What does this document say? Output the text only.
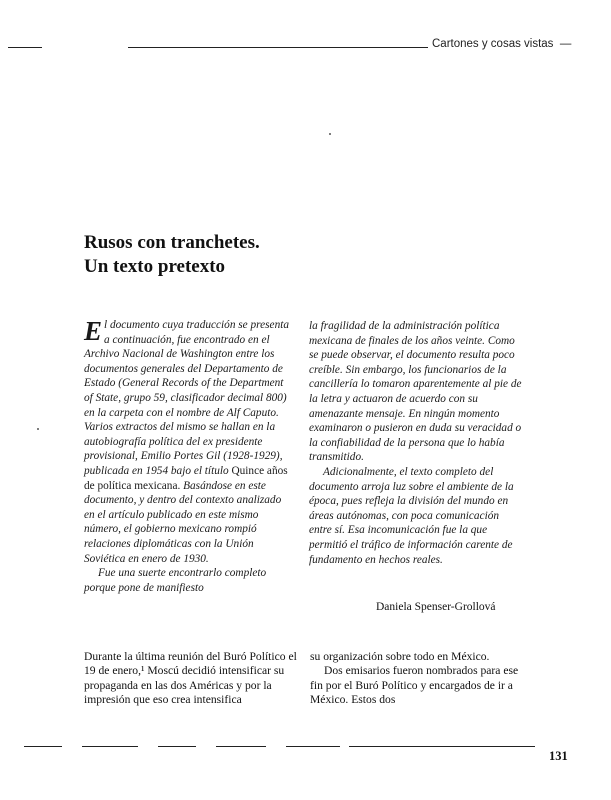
Cartones y cosas vistas  —
Rusos con tranchetes.
Un texto pretexto

El documento cuya traducción se presenta a continuación, fue encontrado en el Archivo Nacional de Washington entre los documentos generales del Departamento de Estado (General Records of the Department of State, grupo 59, clasificador decimal 800) en la carpeta con el nombre de Alf Caputo. Varios extractos del mismo se hallan en la autobiografía política del ex presidente provisional, Emilio Portes Gil (1928-1929), publicada en 1954 bajo el título Quince años de política mexicana. Basándose en este documento, y dentro del contexto analizado en el artículo publicado en este mismo número, el gobierno mexicano rompió relaciones diplomáticas con la Unión Soviética en enero de 1930.

Fue una suerte encontrarlo completo porque pone de manifiesto

la fragilidad de la administración política mexicana de finales de los años veinte. Como se puede observar, el documento resulta poco creíble. Sin embargo, los funcionarios de la cancillería lo tomaron aparentemente al pie de la letra y actuaron de acuerdo con su amenazante mensaje. En ningún momento examinaron o pusieron en duda su veracidad o la confiabilidad de la persona que lo había transmitido.

Adicionalmente, el texto completo del documento arroja luz sobre el ambiente de la época, pues refleja la división del mundo en áreas autónomas, con poca comunicación entre sí. Esa incomunicación fue la que permitió el tráfico de información carente de fundamento en hechos reales.

Daniela Spenser-Grollová

Durante la última reunión del Buró Político el 19 de enero,¹ Moscú decidió intensificar su propaganda en las dos Américas y por la impresión que eso crea intensifica

su organización sobre todo en México.

Dos emisarios fueron nombrados para ese fin por el Buró Político y encargados de ir a México. Estos dos

131
